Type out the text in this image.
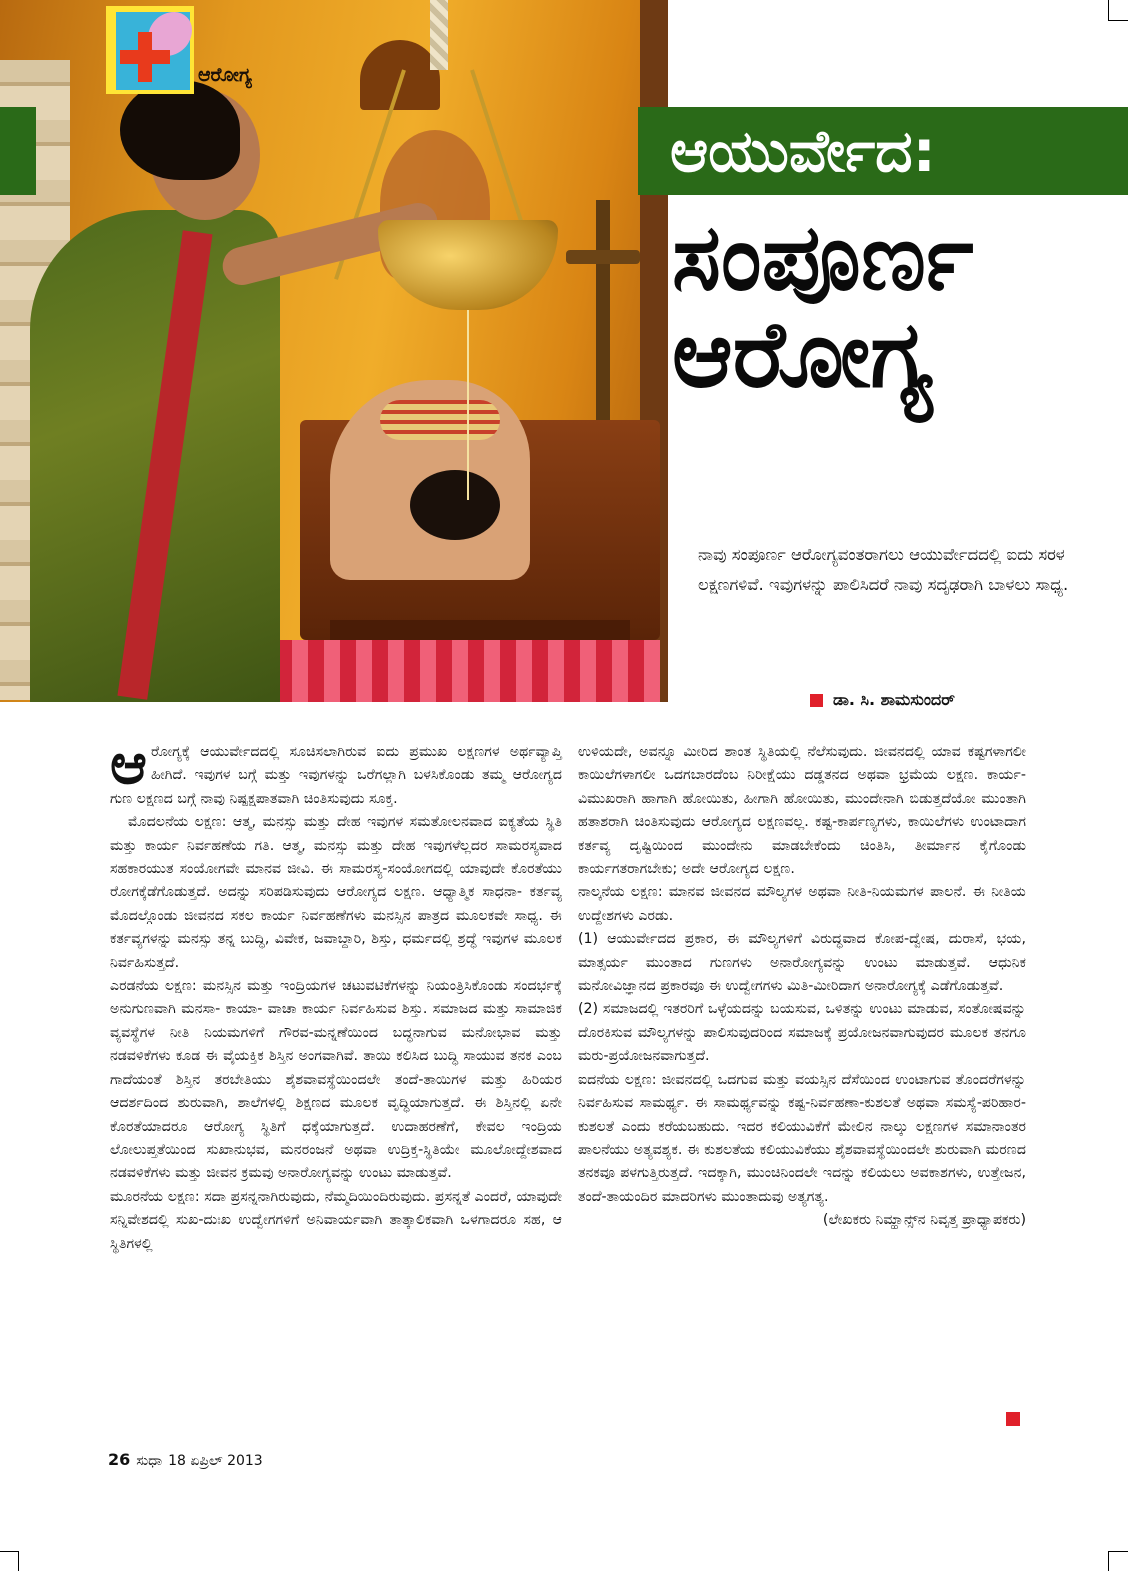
ಆರೋಗ್ಯ
ಆಯುರ್ವೇದ:
ಸಂಪೂರ್ಣ
ಆರೋಗ್ಯ
ನಾವು ಸಂಪೂರ್ಣ ಆರೋಗ್ಯವಂತರಾಗಲು ಆಯುರ್ವೇದದಲ್ಲಿ ಐದು ಸರಳ ಲಕ್ಷಣಗಳಿವೆ. ಇವುಗಳನ್ನು ಪಾಲಿಸಿದರೆ ನಾವು ಸದೃಢರಾಗಿ ಬಾಳಲು ಸಾಧ್ಯ.
ಡಾ. ಸಿ. ಶಾಮಸುಂದರ್

ಆ ರೋಗ್ಯಕ್ಕೆ ಆಯುರ್ವೇದದಲ್ಲಿ ಸೂಚಿಸಲಾಗಿರುವ ಐದು ಪ್ರಮುಖ ಲಕ್ಷಣಗಳ ಅರ್ಥವ್ಯಾಪ್ತಿ ಹೀಗಿದೆ. ಇವುಗಳ ಬಗ್ಗೆ ಮತ್ತು ಇವುಗಳನ್ನು ಒರೆಗಲ್ಲಾಗಿ ಬಳಸಿಕೊಂಡು ತಮ್ಮ ಆರೋಗ್ಯದ ಗುಣ ಲಕ್ಷಣದ ಬಗ್ಗೆ ನಾವು ನಿಷ್ಪಕ್ಷಪಾತವಾಗಿ ಚಿಂತಿಸುವುದು ಸೂಕ್ತ.

ಮೊದಲನೆಯ ಲಕ್ಷಣ: ಆತ್ಮ, ಮನಸ್ಸು ಮತ್ತು ದೇಹ ಇವುಗಳ ಸಮತೋಲನವಾದ ಐಕ್ಯತೆಯ ಸ್ಥಿತಿ ಮತ್ತು ಕಾರ್ಯ ನಿರ್ವಹಣೆಯ ಗತಿ. ಆತ್ಮ, ಮನಸ್ಸು ಮತ್ತು ದೇಹ ಇವುಗಳೆಲ್ಲದರ ಸಾಮರಸ್ಯವಾದ ಸಹಕಾರಯುತ ಸಂಯೋಗವೇ ಮಾನವ ಜೀವಿ. ಈ ಸಾಮರಸ್ಯ-ಸಂಯೋಗದಲ್ಲಿ ಯಾವುದೇ ಕೊರತೆಯು ರೋಗಕ್ಕೆಡೆಗೊಡುತ್ತದೆ. ಅದನ್ನು ಸರಿಪಡಿಸುವುದು ಆರೋಗ್ಯದ ಲಕ್ಷಣ. ಆಧ್ಯಾತ್ಮಿಕ ಸಾಧನಾ- ಕರ್ತವ್ಯ ಮೊದಲ್ಗೊಂಡು ಜೀವನದ ಸಕಲ ಕಾರ್ಯ ನಿರ್ವಹಣೆಗಳು ಮನಸ್ಸಿನ ಪಾತ್ರದ ಮೂಲಕವೇ ಸಾಧ್ಯ. ಈ ಕರ್ತವ್ಯಗಳನ್ನು ಮನಸ್ಸು ತನ್ನ ಬುದ್ಧಿ, ವಿವೇಕ, ಜವಾಬ್ದಾರಿ, ಶಿಸ್ತು, ಧರ್ಮದಲ್ಲಿ ಶ್ರದ್ಧೆ ಇವುಗಳ ಮೂಲಕ ನಿರ್ವಹಿಸುತ್ತದೆ.

ಎರಡನೆಯ ಲಕ್ಷಣ: ಮನಸ್ಸಿನ ಮತ್ತು ಇಂದ್ರಿಯಗಳ ಚಟುವಟಿಕೆಗಳನ್ನು ನಿಯಂತ್ರಿಸಿಕೊಂಡು ಸಂದರ್ಭಕ್ಕೆ ಅನುಗುಣವಾಗಿ ಮನಸಾ- ಕಾಯಾ- ವಾಚಾ ಕಾರ್ಯ ನಿರ್ವಹಿಸುವ ಶಿಸ್ತು. ಸಮಾಜದ ಮತ್ತು ಸಾಮಾಜಿಕ ವ್ಯವಸ್ಥೆಗಳ ನೀತಿ ನಿಯಮಗಳಿಗೆ ಗೌರವ-ಮನ್ನಣೆಯಿಂದ ಬದ್ಧನಾಗುವ ಮನೋಭಾವ ಮತ್ತು ನಡವಳಿಕೆಗಳು ಕೂಡ ಈ ವೈಯಕ್ತಿಕ ಶಿಸ್ತಿನ ಅಂಗವಾಗಿವೆ. ತಾಯಿ ಕಲಿಸಿದ ಬುದ್ಧಿ ಸಾಯುವ ತನಕ ಎಂಬ ಗಾದೆಯಂತೆ ಶಿಸ್ತಿನ ತರಬೇತಿಯು ಶೈಶವಾವಸ್ಥೆಯಿಂದಲೇ ತಂದೆ-ತಾಯಿಗಳ ಮತ್ತು ಹಿರಿಯರ ಆದರ್ಶದಿಂದ ಶುರುವಾಗಿ, ಶಾಲೆಗಳಲ್ಲಿ ಶಿಕ್ಷಣದ ಮೂಲಕ ವೃದ್ಧಿಯಾಗುತ್ತದೆ. ಈ ಶಿಸ್ತಿನಲ್ಲಿ ಏನೇ ಕೊರತೆಯಾದರೂ ಆರೋಗ್ಯ ಸ್ಥಿತಿಗೆ ಧಕ್ಕೆಯಾಗುತ್ತದೆ. ಉದಾಹರಣೆಗೆ, ಕೇವಲ ಇಂದ್ರಿಯ ಲೋಲುಪ್ತತೆಯಿಂದ ಸುಖಾನುಭವ, ಮನರಂಜನೆ ಅಥವಾ ಉದ್ರಿಕ್ತ-ಸ್ಥಿತಿಯೇ ಮೂಲೋದ್ದೇಶವಾದ ನಡವಳಿಕೆಗಳು ಮತ್ತು ಜೀವನ ಕ್ರಮವು ಅನಾರೋಗ್ಯವನ್ನು ಉಂಟು ಮಾಡುತ್ತವೆ.

ಮೂರನೆಯ ಲಕ್ಷಣ: ಸದಾ ಪ್ರಸನ್ನನಾಗಿರುವುದು, ನೆಮ್ಮದಿಯಿಂದಿರುವುದು. ಪ್ರಸನ್ನತೆ ಎಂದರೆ, ಯಾವುದೇ ಸನ್ನಿವೇಶದಲ್ಲಿ ಸುಖ-ದುಃಖ ಉದ್ವೇಗಗಳಿಗೆ ಅನಿವಾರ್ಯವಾಗಿ ತಾತ್ಕಾಲಿಕವಾಗಿ ಒಳಗಾದರೂ ಸಹ, ಆ ಸ್ಥಿತಿಗಳಲ್ಲಿ

ಉಳಿಯದೇ, ಅವನ್ನೂ ಮೀರಿದ ಶಾಂತ ಸ್ಥಿತಿಯಲ್ಲಿ ನೆಲೆಸುವುದು. ಜೀವನದಲ್ಲಿ ಯಾವ ಕಷ್ಟಗಳಾಗಲೀ ಕಾಯಿಲೆಗಳಾಗಲೀ ಒದಗಬಾರದೆಂಬ ನಿರೀಕ್ಷೆಯು ದಡ್ಡತನದ ಅಥವಾ ಭ್ರಮೆಯ ಲಕ್ಷಣ. ಕಾರ್ಯ-ವಿಮುಖರಾಗಿ ಹಾಗಾಗಿ ಹೋಯಿತು, ಹೀಗಾಗಿ ಹೋಯಿತು, ಮುಂದೇನಾಗಿ ಬಿಡುತ್ತದೆಯೋ ಮುಂತಾಗಿ ಹತಾಶರಾಗಿ ಚಿಂತಿಸುವುದು ಆರೋಗ್ಯದ ಲಕ್ಷಣವಲ್ಲ. ಕಷ್ಟ-ಕಾರ್ಪಣ್ಯಗಳು, ಕಾಯಿಲೆಗಳು ಉಂಟಾದಾಗ ಕರ್ತವ್ಯ ದೃಷ್ಟಿಯಿಂದ ಮುಂದೇನು ಮಾಡಬೇಕೆಂದು ಚಿಂತಿಸಿ, ತೀರ್ಮಾನ ಕೈಗೊಂಡು ಕಾರ್ಯಗತರಾಗಬೇಕು; ಅದೇ ಆರೋಗ್ಯದ ಲಕ್ಷಣ.

ನಾಲ್ಕನೆಯ ಲಕ್ಷಣ: ಮಾನವ ಜೀವನದ ಮೌಲ್ಯಗಳ ಅಥವಾ ನೀತಿ-ನಿಯಮಗಳ ಪಾಲನೆ. ಈ ನೀತಿಯ ಉದ್ದೇಶಗಳು ಎರಡು.

(1) ಆಯುರ್ವೇದದ ಪ್ರಕಾರ, ಈ ಮೌಲ್ಯಗಳಿಗೆ ವಿರುದ್ಧವಾದ ಕೋಪ-ದ್ವೇಷ, ದುರಾಸೆ, ಭಯ, ಮಾತ್ಸರ್ಯ ಮುಂತಾದ ಗುಣಗಳು ಅನಾರೋಗ್ಯವನ್ನು ಉಂಟು ಮಾಡುತ್ತವೆ. ಆಧುನಿಕ ಮನೋವಿಜ್ಞಾನದ ಪ್ರಕಾರವೂ ಈ ಉದ್ವೇಗಗಳು ಮಿತಿ-ಮೀರಿದಾಗ ಅನಾರೋಗ್ಯಕ್ಕೆ ಎಡೆಗೊಡುತ್ತವೆ.

(2) ಸಮಾಜದಲ್ಲಿ ಇತರರಿಗೆ ಒಳ್ಳೆಯದನ್ನು ಬಯಸುವ, ಒಳಿತನ್ನು ಉಂಟು ಮಾಡುವ, ಸಂತೋಷವನ್ನು ದೊರಕಿಸುವ ಮೌಲ್ಯಗಳನ್ನು ಪಾಲಿಸುವುದರಿಂದ ಸಮಾಜಕ್ಕೆ ಪ್ರಯೋಜನವಾಗುವುದರ ಮೂಲಕ ತನಗೂ ಮರು-ಪ್ರಯೋಜನವಾಗುತ್ತದೆ.

ಐದನೆಯ ಲಕ್ಷಣ: ಜೀವನದಲ್ಲಿ ಒದಗುವ ಮತ್ತು ವಯಸ್ಸಿನ ದೆಸೆಯಿಂದ ಉಂಟಾಗುವ ತೊಂದರೆಗಳನ್ನು ನಿರ್ವಹಿಸುವ ಸಾಮರ್ಥ್ಯ. ಈ ಸಾಮರ್ಥ್ಯವನ್ನು ಕಷ್ಟ-ನಿರ್ವಹಣಾ-ಕುಶಲತೆ ಅಥವಾ ಸಮಸ್ಯೆ-ಪರಿಹಾರ-ಕುಶಲತೆ ಎಂದು ಕರೆಯಬಹುದು. ಇದರ ಕಲಿಯುವಿಕೆಗೆ ಮೇಲಿನ ನಾಲ್ಕು ಲಕ್ಷಣಗಳ ಸಮಾನಾಂತರ ಪಾಲನೆಯು ಅತ್ಯವಶ್ಯಕ. ಈ ಕುಶಲತೆಯ ಕಲಿಯುವಿಕೆಯು ಶೈಶವಾವಸ್ಥೆಯಿಂದಲೇ ಶುರುವಾಗಿ ಮರಣದ ತನಕವೂ ಪಳಗುತ್ತಿರುತ್ತದೆ. ಇದಕ್ಕಾಗಿ, ಮುಂಚಿನಿಂದಲೇ ಇದನ್ನು ಕಲಿಯಲು ಅವಕಾಶಗಳು, ಉತ್ತೇಜನ, ತಂದೆ-ತಾಯಂದಿರ ಮಾದರಿಗಳು ಮುಂತಾದುವು ಅತ್ಯಗತ್ಯ.

(ಲೇಖಕರು ನಿಮ್ಹಾನ್ಸ್‌ನ ನಿವೃತ್ತ ಪ್ರಾಧ್ಯಾಪಕರು)

26 ಸುಧಾ 18 ಏಪ್ರಿಲ್ 2013
